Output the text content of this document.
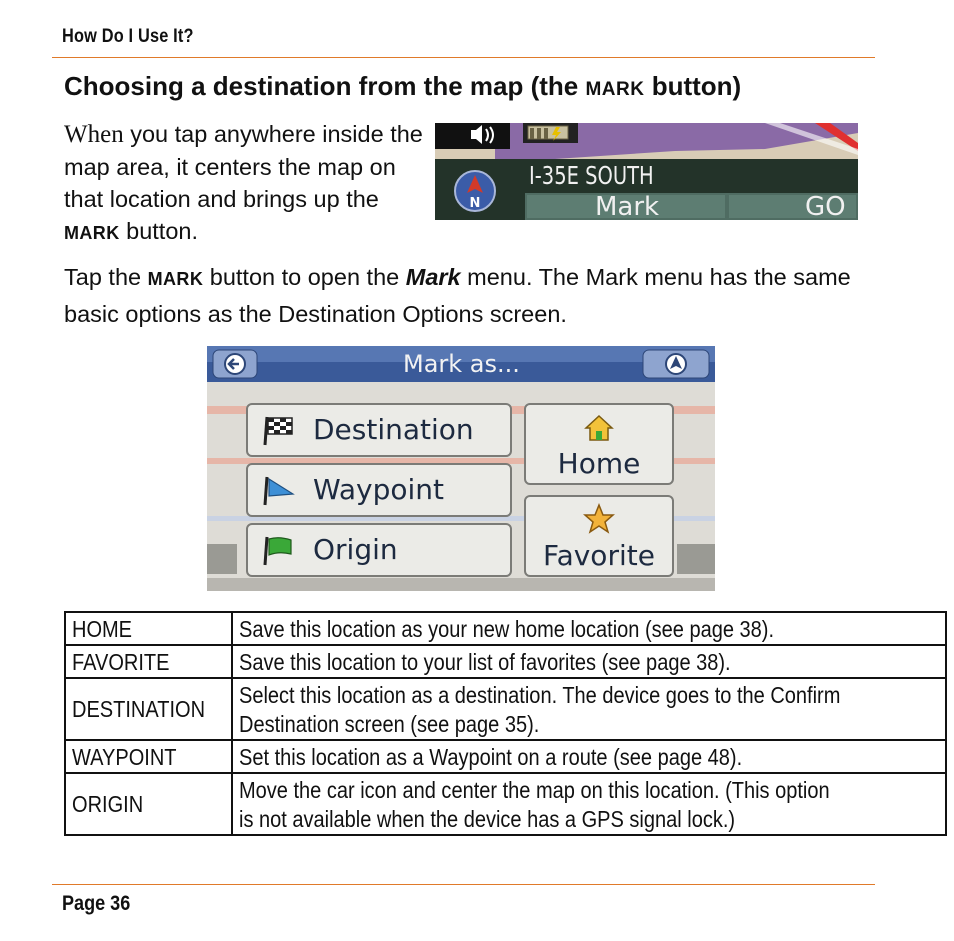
How Do I Use It?
Choosing a destination from the map (the MARK button)
When you tap anywhere inside the map area, it centers the map on that location and brings up the MARK button.
N
I-35E SOUTH
Mark	GO
Tap the MARK button to open the Mark menu. The Mark menu has the same basic options as the Destination Options screen.
Mark as...
Destination
Waypoint
Origin
Home
Favorite
HOME	Save this location as your new home location (see page 38).

FAVORITE	Save this location to your list of favorites (see page 38).

DESTINATION	Select this location as a destination. The device goes to the Confirm Destination screen (see page 35).

WAYPOINT	Set this location as a Waypoint on a route (see page 48).

ORIGIN	Move the car icon and center the map on this location. (This option is not available when the device has a GPS signal lock.)
Page 36
